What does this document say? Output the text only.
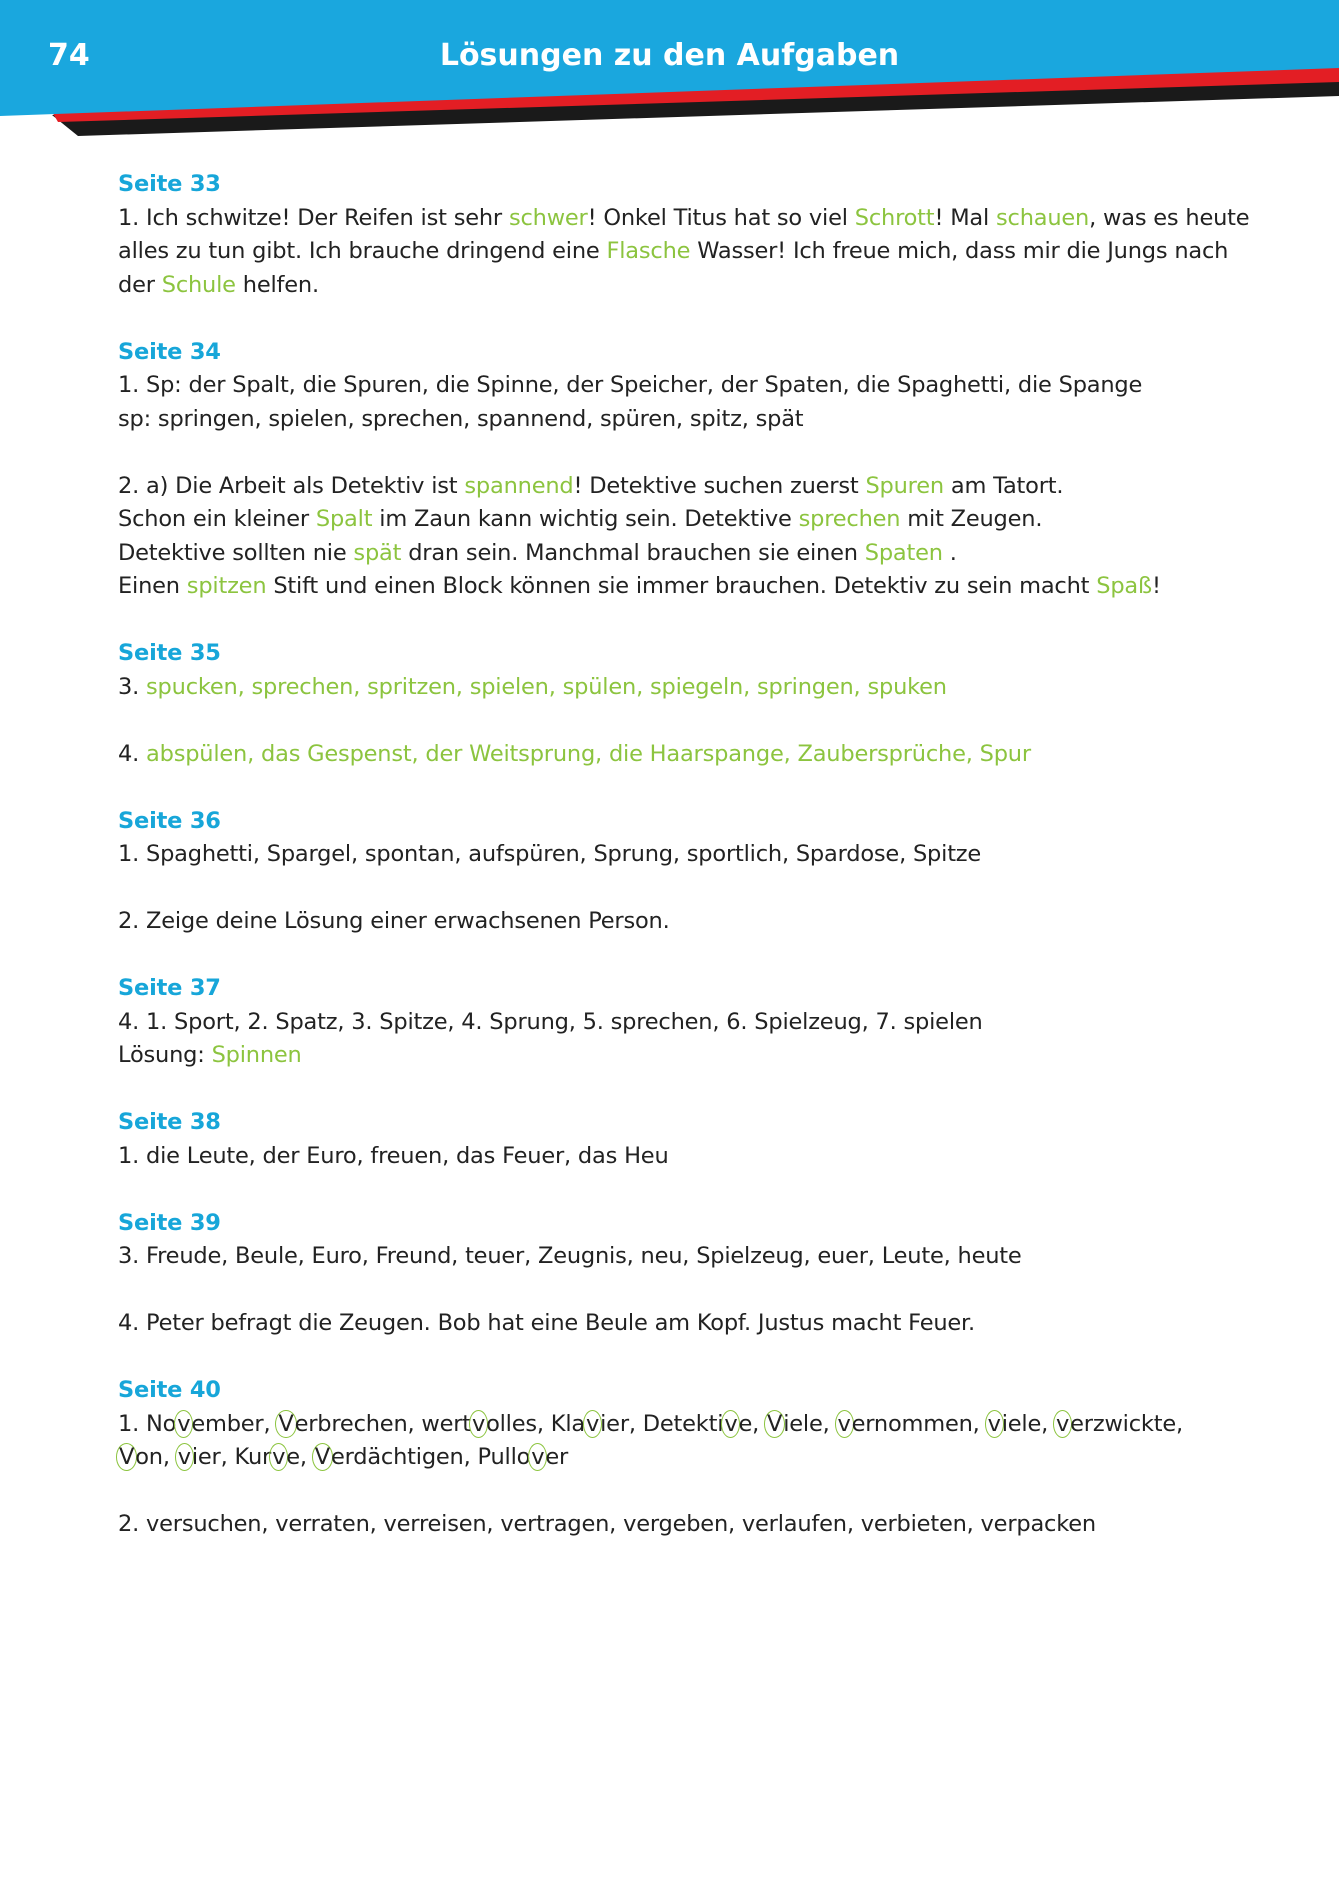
74	Lösungen zu den Aufgaben
Seite 33
1. Ich schwitze! Der Reifen ist sehr schwer! Onkel Titus hat so viel Schrott! Mal schauen, was es heute
alles zu tun gibt. Ich brauche dringend eine Flasche Wasser! Ich freue mich, dass mir die Jungs nach
der Schule helfen.
Seite 34
1. Sp: der Spalt, die Spuren, die Spinne, der Speicher, der Spaten, die Spaghetti, die Spange
sp: springen, spielen, sprechen, spannend, spüren, spitz, spät
2. a) Die Arbeit als Detektiv ist spannend! Detektive suchen zuerst Spuren am Tatort.
Schon ein kleiner Spalt im Zaun kann wichtig sein. Detektive sprechen mit Zeugen.
Detektive sollten nie spät dran sein. Manchmal brauchen sie einen Spaten .
Einen spitzen Stift und einen Block können sie immer brauchen. Detektiv zu sein macht Spaß!
Seite 35
3. spucken, sprechen, spritzen, spielen, spülen, spiegeln, springen, spuken
4. abspülen, das Gespenst, der Weitsprung, die Haarspange, Zaubersprüche, Spur
Seite 36
1. Spaghetti, Spargel, spontan, aufspüren, Sprung, sportlich, Spardose, Spitze
2. Zeige deine Lösung einer erwachsenen Person.
Seite 37
4. 1. Sport, 2. Spatz, 3. Spitze, 4. Sprung, 5. sprechen, 6. Spielzeug, 7. spielen
Lösung: Spinnen
Seite 38
1. die Leute, der Euro, freuen, das Feuer, das Heu
Seite 39
3. Freude, Beule, Euro, Freund, teuer, Zeugnis, neu, Spielzeug, euer, Leute, heute
4. Peter befragt die Zeugen. Bob hat eine Beule am Kopf. Justus macht Feuer.
Seite 40
1. November, Verbrechen, wertvolles, Klavier, Detektive, Viele, vernommen, viele, verzwickte,
Von, vier, Kurve, Verdächtigen, Pullover
2. versuchen, verraten, verreisen, vertragen, vergeben, verlaufen, verbieten, verpacken
